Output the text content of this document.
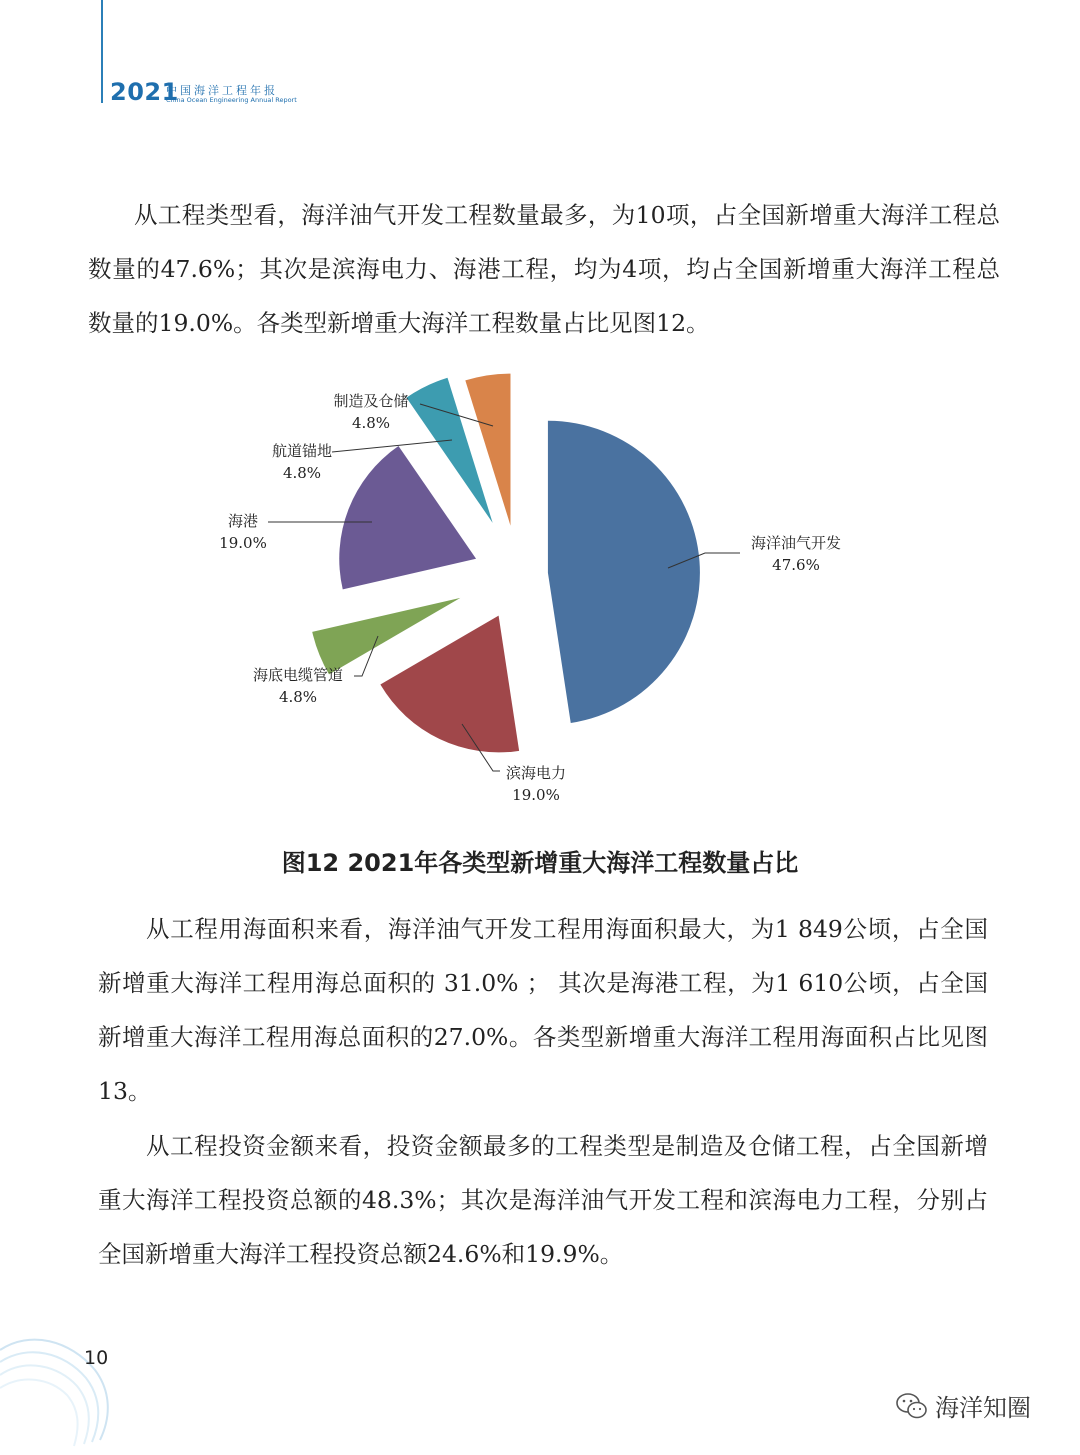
2021
中国海洋工程年报
China Ocean Engineering Annual Report

从工程类型看，海洋油气开发工程数量最多，为10项，占全国新增重大海洋工程总数量的47.6%；其次是滨海电力、海港工程，均为4项，均占全国新增重大海洋工程总数量的19.0%。各类型新增重大海洋工程数量占比见图12。

海洋油气开发
47.6%
滨海电力
19.0%
海底电缆管道
4.8%
海港
19.0%
航道锚地
4.8%
制造及仓储
4.8%
图12 2021年各类型新增重大海洋工程数量占比

从工程用海面积来看，海洋油气开发工程用海面积最大，为1 849公顷，占全国新增重大海洋工程用海总面积的 31.0% ； 其次是海港工程，为1 610公顷，占全国新增重大海洋工程用海总面积的27.0%。各类型新增重大海洋工程用海面积占比见图13。

从工程投资金额来看，投资金额最多的工程类型是制造及仓储工程，占全国新增重大海洋工程投资总额的48.3%；其次是海洋油气开发工程和滨海电力工程，分别占全国新增重大海洋工程投资总额24.6%和19.9%。

10
海洋知圈
